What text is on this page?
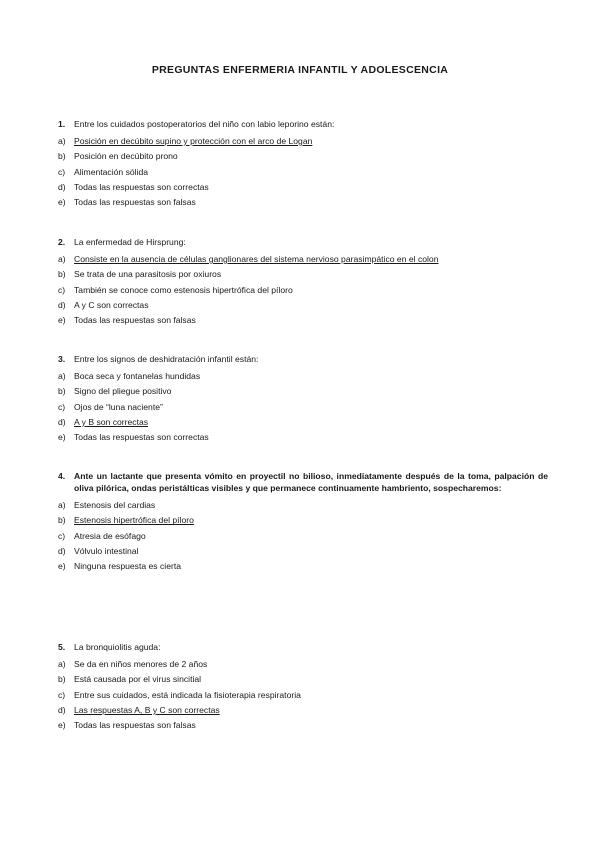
PREGUNTAS ENFERMERIA INFANTIL Y ADOLESCENCIA
1.	Entre los cuidados postoperatorios del niño con labio leporino están:
a) Posición en decúbito supino y protección con el arco de Logan
b) Posición en decúbito prono
c)	Alimentación sólida
d) Todas las respuestas son correctas
e) Todas las respuestas son falsas
2.	La enfermedad de Hirsprung:
a) Consiste en la ausencia de células ganglionares del sistema nervioso parasimpático en el colon
b) Se trata de una parasitosis por oxiuros
c)	También se conoce como estenosis hipertrófica del píloro
d) A y C son correctas
e) Todas las respuestas son falsas
3.	Entre los signos de deshidratación infantil están:
a) Boca seca y fontanelas hundidas
b) Signo del pliegue positivo
c)	Ojos de “luna naciente”
d) A y B son correctas
e) Todas las respuestas son correctas
4.	Ante un lactante que presenta vómito en proyectil no bilioso, inmediatamente después de la toma, palpación de oliva pilórica, ondas peristálticas visibles y que permanece continuamente hambriento, sospecharemos:
a) Estenosis del cardias
b) Estenosis hipertrófica del píloro
c)	Atresia de esófago
d) Vólvulo intestinal
e) Ninguna respuesta es cierta
5.	La bronquiolitis aguda:
a) Se da en niños menores de 2 años
b) Está causada por el virus sincitial
c)	Entre sus cuidados, está indicada la fisioterapia respiratoria
d) Las respuestas A, B y C son correctas
e) Todas las respuestas son falsas
